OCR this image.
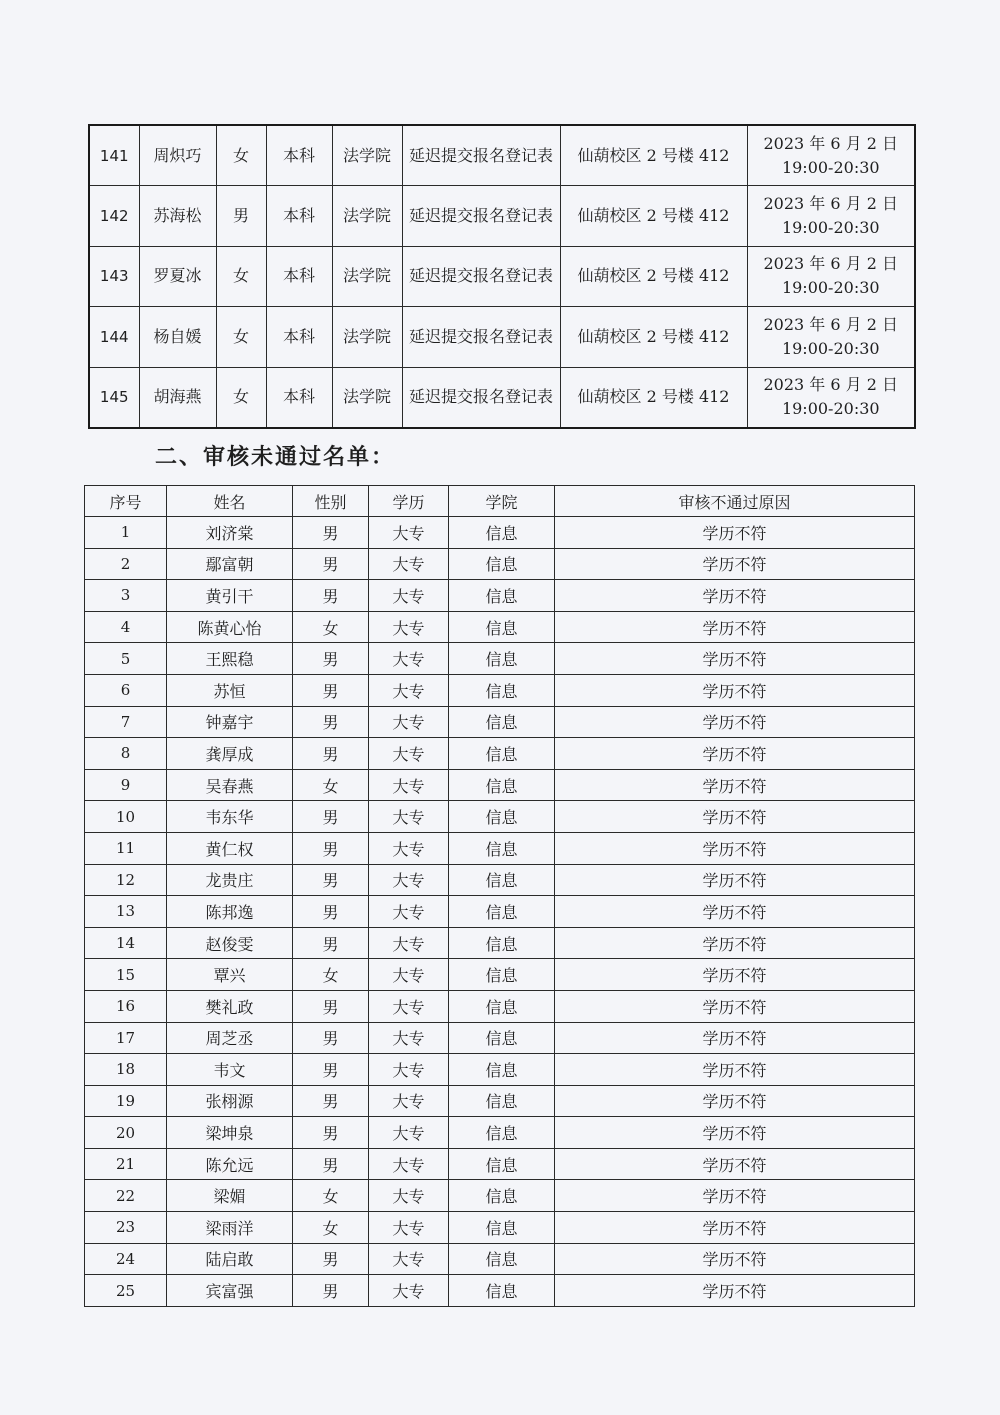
141	周炽巧	女	本科	法学院	延迟提交报名登记表	仙葫校区 2 号楼 412	2023 年 6 月 2 日
19:00-20:30

142	苏海松	男	本科	法学院	延迟提交报名登记表	仙葫校区 2 号楼 412	2023 年 6 月 2 日
19:00-20:30

143	罗夏冰	女	本科	法学院	延迟提交报名登记表	仙葫校区 2 号楼 412	2023 年 6 月 2 日
19:00-20:30

144	杨自媛	女	本科	法学院	延迟提交报名登记表	仙葫校区 2 号楼 412	2023 年 6 月 2 日
19:00-20:30

145	胡海燕	女	本科	法学院	延迟提交报名登记表	仙葫校区 2 号楼 412	2023 年 6 月 2 日
19:00-20:30
二、审核未通过名单：
序号	姓名	性别	学历	学院	审核不通过原因
1	刘济棠	男	大专	信息	学历不符
2	鄢富朝	男	大专	信息	学历不符
3	黄引干	男	大专	信息	学历不符
4	陈黄心怡	女	大专	信息	学历不符
5	王熙稳	男	大专	信息	学历不符
6	苏恒	男	大专	信息	学历不符
7	钟嘉宇	男	大专	信息	学历不符
8	龚厚成	男	大专	信息	学历不符
9	吴春燕	女	大专	信息	学历不符
10	韦东华	男	大专	信息	学历不符
11	黄仁权	男	大专	信息	学历不符
12	龙贵庄	男	大专	信息	学历不符
13	陈邦逸	男	大专	信息	学历不符
14	赵俊雯	男	大专	信息	学历不符
15	覃兴	女	大专	信息	学历不符
16	樊礼政	男	大专	信息	学历不符
17	周芝丞	男	大专	信息	学历不符
18	韦文	男	大专	信息	学历不符
19	张栩源	男	大专	信息	学历不符
20	梁坤泉	男	大专	信息	学历不符
21	陈允远	男	大专	信息	学历不符
22	梁媚	女	大专	信息	学历不符
23	梁雨洋	女	大专	信息	学历不符
24	陆启敢	男	大专	信息	学历不符
25	宾富强	男	大专	信息	学历不符
